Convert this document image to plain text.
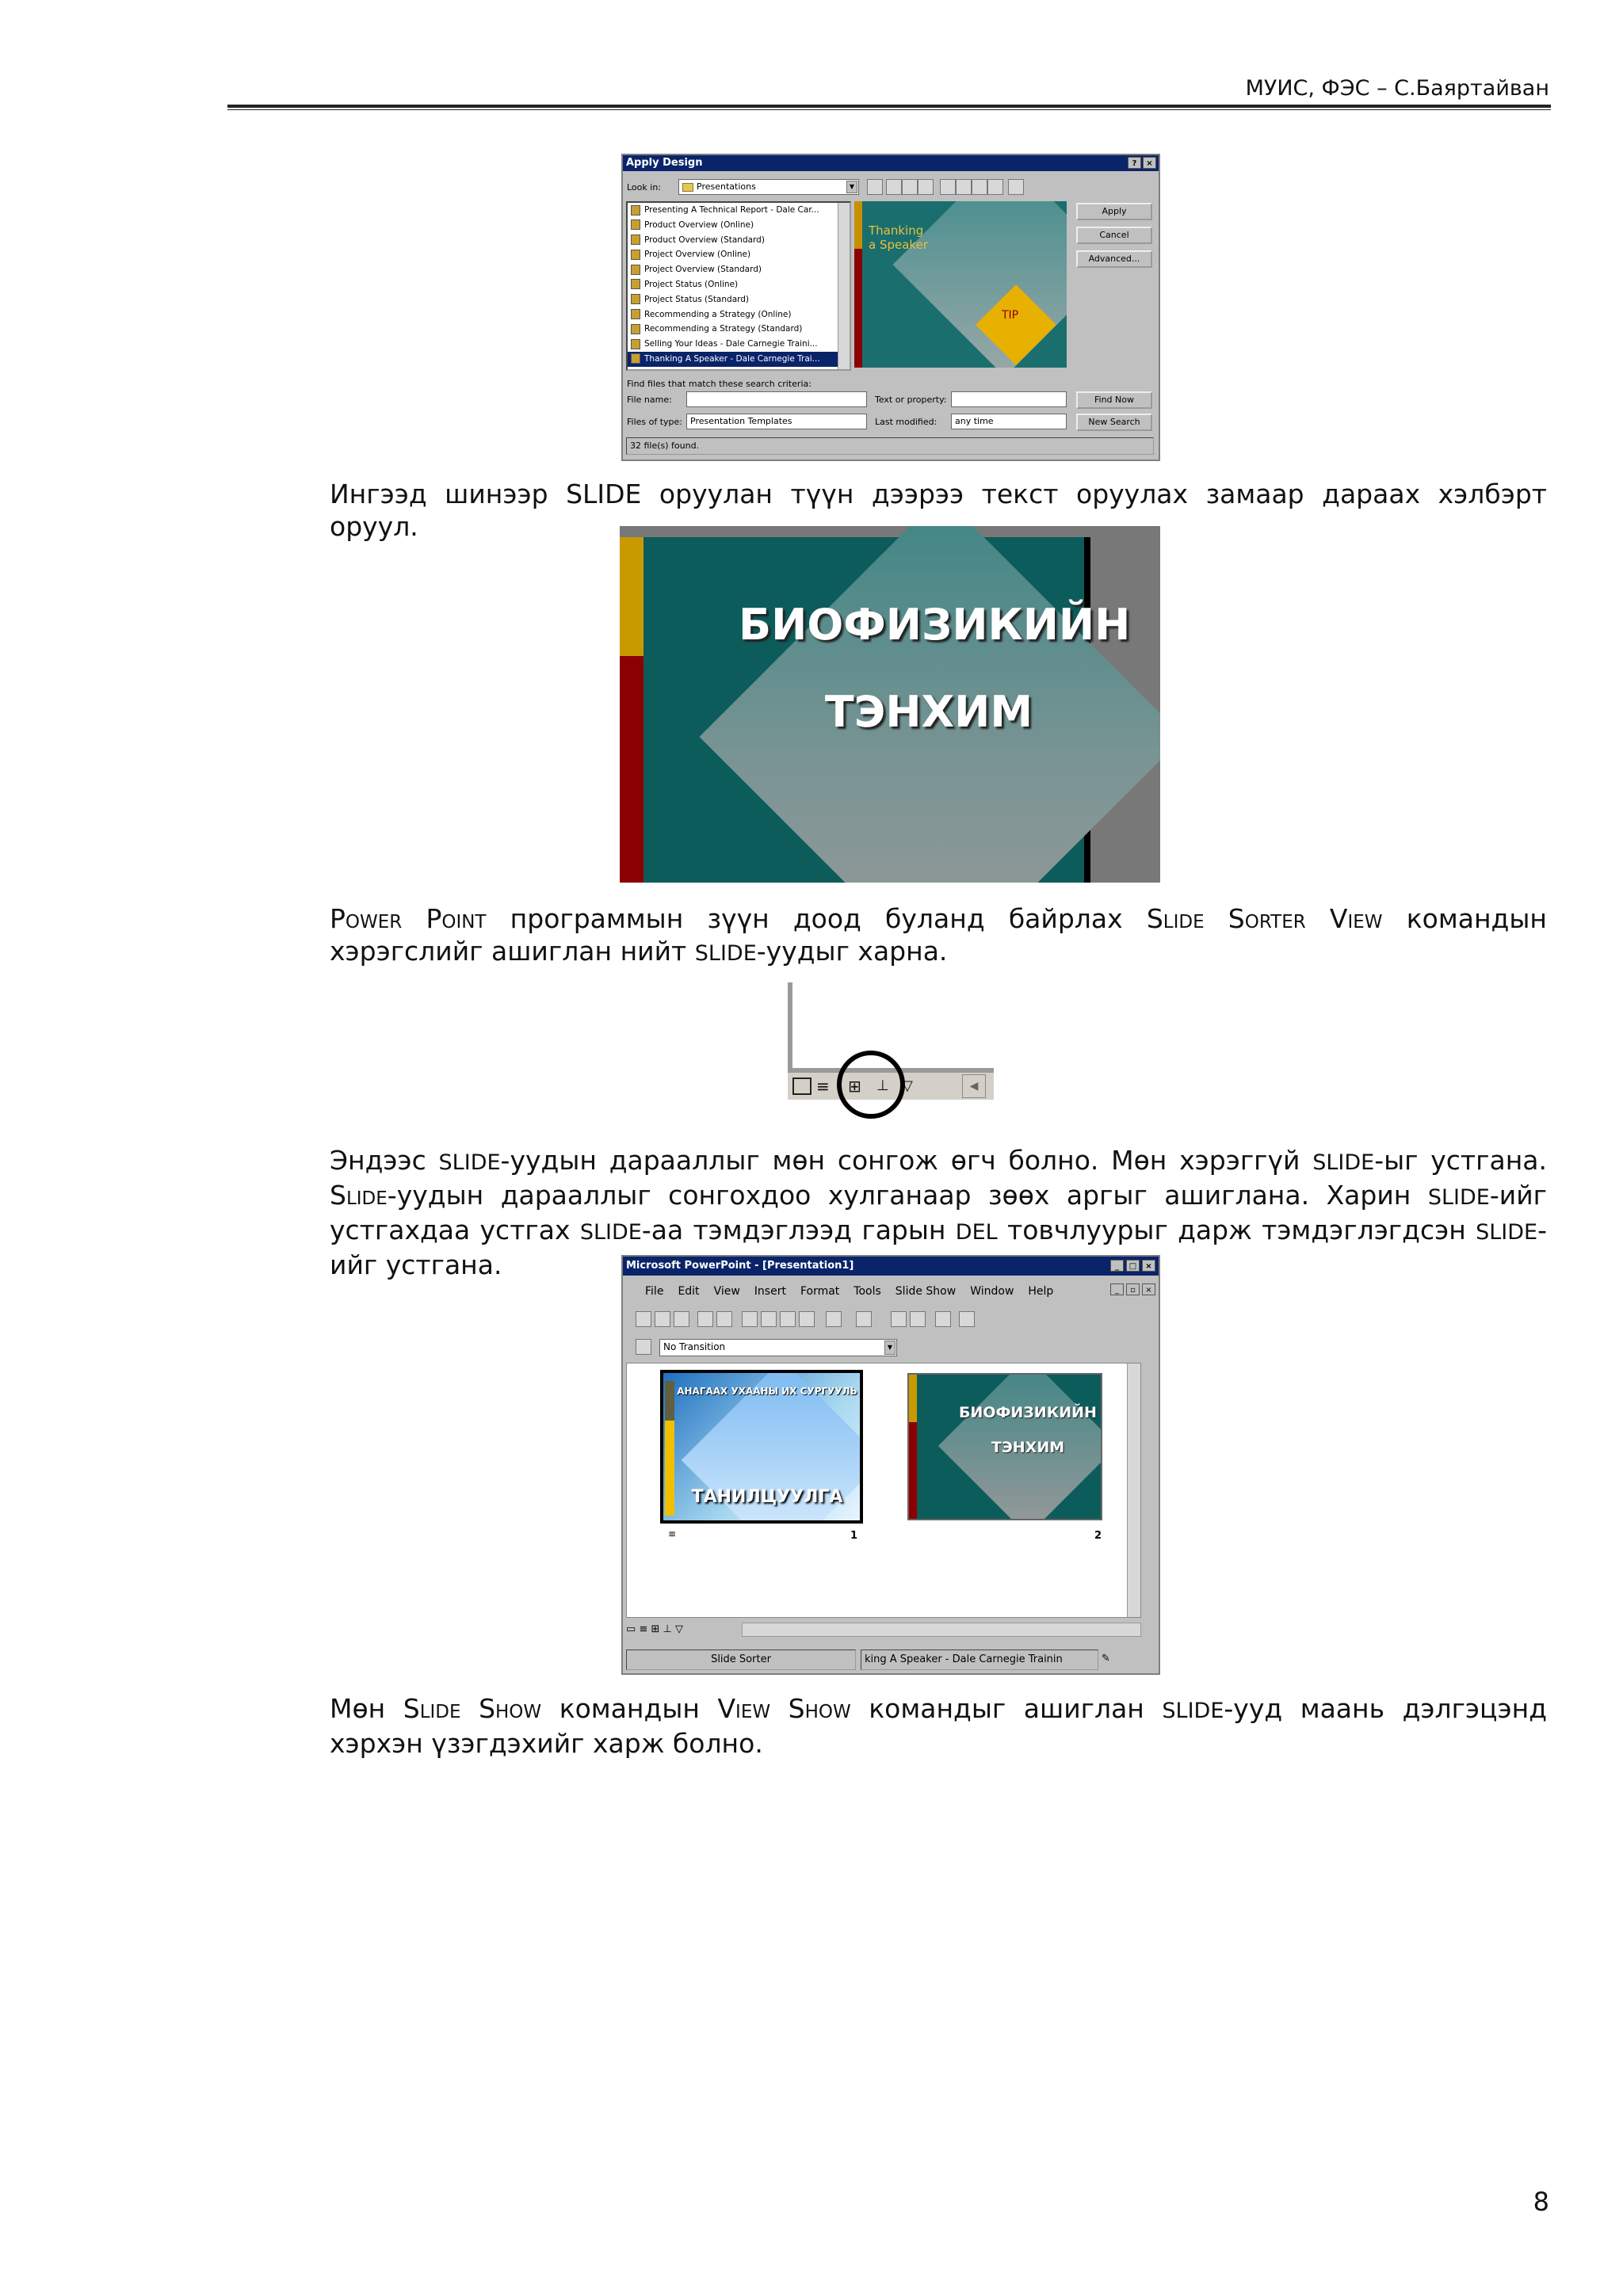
МУИС, ФЭС – С.Баяртайван
Apply Design	?	×
Look in:	Presentations	▼
Presenting A Technical Report - Dale Car...
Product Overview (Online)
Product Overview (Standard)
Project Overview (Online)
Project Overview (Standard)
Project Status (Online)
Project Status (Standard)
Recommending a Strategy (Online)
Recommending a Strategy (Standard)
Selling Your Ideas - Dale Carnegie Traini...
Thanking A Speaker - Dale Carnegie Trai...
Thanking
a Speaker
TIP
Apply
Cancel
Advanced...
Find files that match these search criteria:
File name:
Files of type: Presentation Templates
Text or property:
Last modified:	any time
Find Now
New Search
32 file(s) found.
Ингээд шинээр SLIDE оруулан түүн дээрээ текст оруулах замаар дараах хэлбэрт оруул.
БИОФИЗИКИЙН
ТЭНХИМ
Power Point программын зүүн доод буланд байрлах Slide Sorter View командын хэрэгслийг ашиглан нийт SLIDE-уудыг харна.
≡	⊞	⊥ ▽	◀
Эндээс SLIDE-уудын дарааллыг мөн сонгож өгч болно. Мөн хэрэггүй SLIDE-ыг устгана. Slide-уудын дарааллыг сонгохдоо хулганаар зөөх аргыг ашиглана. Харин SLIDE-ийг устгахдаа устгах SLIDE-аа тэмдэглээд гарын DEL товчлуурыг дарж тэмдэглэгдсэн SLIDE-ийг устгана.	Microsoft PowerPoint - [Presentation1]	_	□	×
File Edit View Insert Format Tools Slide Show Window Help	_	▫	×
No Transition	▼
АНАГААХ УХААНЫ ИХ СУРГУУЛЬ
ТАНИЛЦУУЛГА
БИОФИЗИКИЙН
ТЭНХИМ
≡	1	2
▭ ≡ ⊞ ⊥ ▽
Slide Sorter	king A Speaker - Dale Carnegie Trainin	✎
Мөн Slide Show командын View Show командыг ашиглан SLIDE-ууд маань дэлгэцэнд хэрхэн үзэгдэхийг харж болно.
8
